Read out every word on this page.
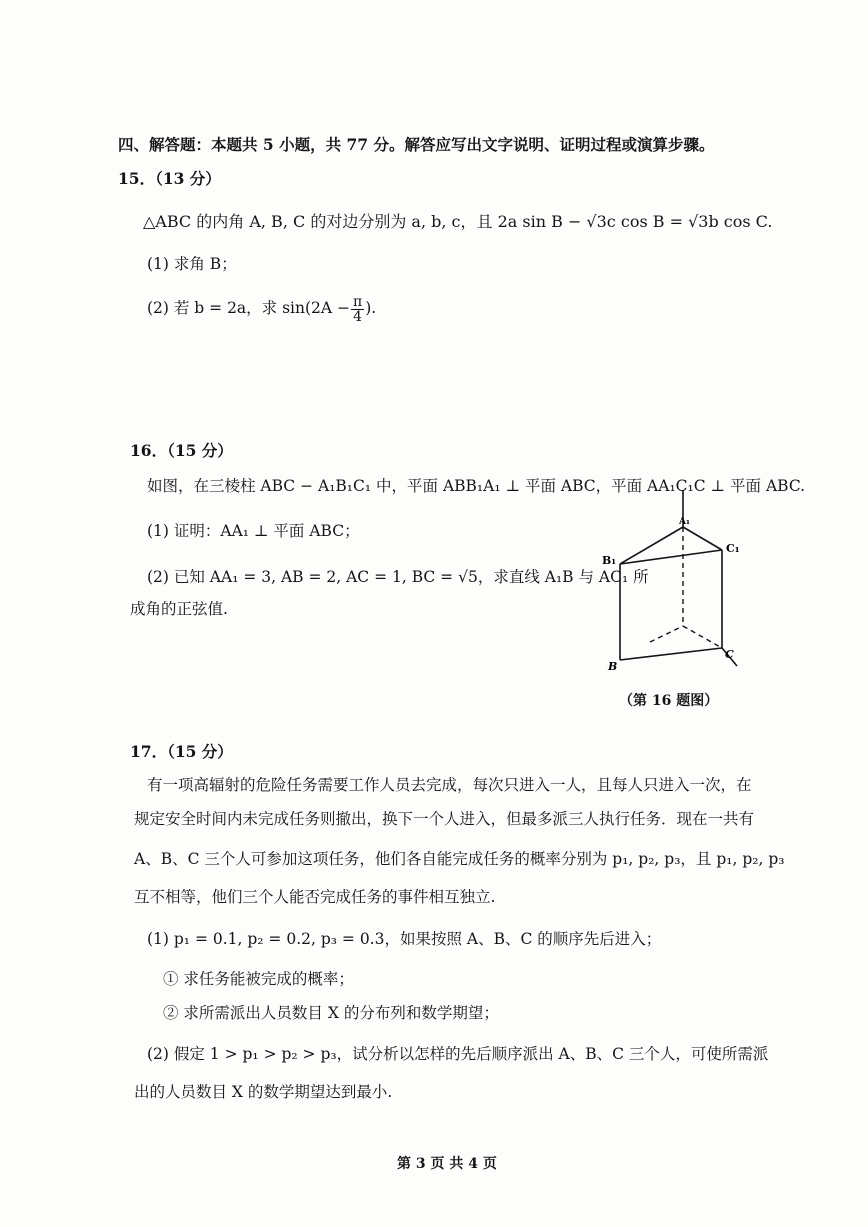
四、解答题：本题共 5 小题，共 77 分。解答应写出文字说明、证明过程或演算步骤。
15．（13 分）
△ABC 的内角 A, B, C 的对边分别为 a, b, c，且 2a sin B − √3c cos B = √3b cos C.
(1) 求角 B；
(2) 若 b = 2a，求 $\sin(2A - \frac{\pi}{4}$ ).
16．（15 分）
如图，在三棱柱 ABC − A₁B₁C₁ 中，平面 ABB₁A₁ ⊥ 平面 ABC，平面 AA₁C₁C ⊥ 平面 ABC.
(1) 证明：AA₁ ⊥ 平面 ABC；
(2) 已知 AA₁ = 3, AB = 2, AC = 1, BC = √5，求直线 A₁B 与 AC₁ 所
成角的正弦值.
A₁
B₁
C₁
B
C
（第 16 题图）
17．（15 分）
有一项高辐射的危险任务需要工作人员去完成，每次只进入一人，且每人只进入一次，在
规定安全时间内未完成任务则撤出，换下一个人进入，但最多派三人执行任务．现在一共有
A、B、C 三个人可参加这项任务，他们各自能完成任务的概率分别为 p₁, p₂, p₃，且 p₁, p₂, p₃
互不相等，他们三个人能否完成任务的事件相互独立.
(1) p₁ = 0.1, p₂ = 0.2, p₃ = 0.3，如果按照 A、B、C 的顺序先后进入；
① 求任务能被完成的概率；
② 求所需派出人员数目 X 的分布列和数学期望；
(2) 假定 1 > p₁ > p₂ > p₃，试分析以怎样的先后顺序派出 A、B、C 三个人，可使所需派
出的人员数目 X 的数学期望达到最小.
第 3 页 共 4 页
